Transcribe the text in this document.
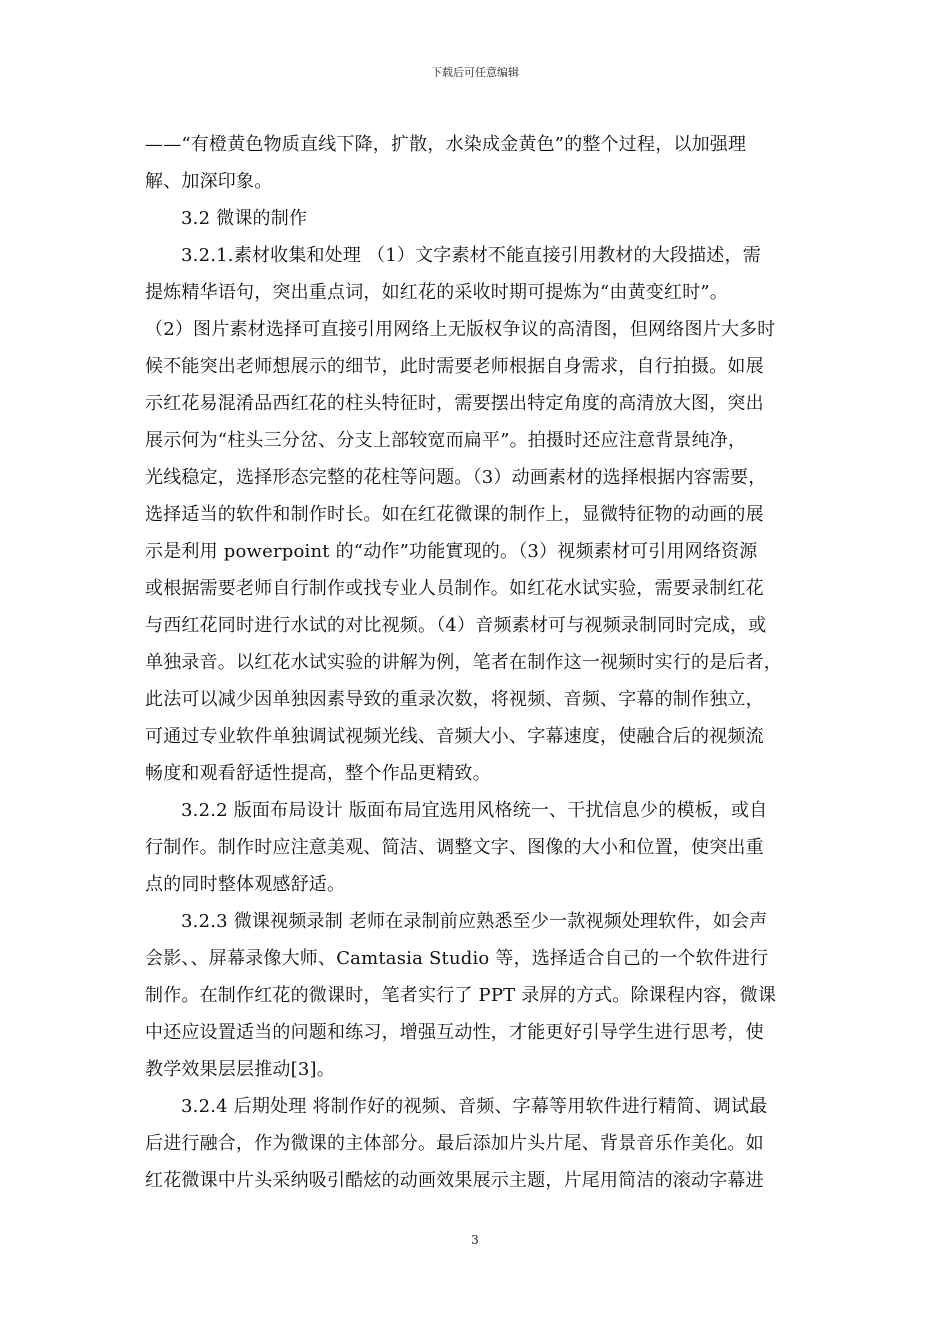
下载后可任意编辑
——“有橙黄色物质直线下降，扩散，水染成金黄色”的整个过程，以加强理
解、加深印象。
3.2 微课的制作
3.2.1.素材收集和处理 （1）文字素材不能直接引用教材的大段描述，需
提炼精华语句，突出重点词，如红花的采收时期可提炼为“由黄变红时”。
（2）图片素材选择可直接引用网络上无版权争议的高清图，但网络图片大多时
候不能突出老师想展示的细节，此时需要老师根据自身需求，自行拍摄。如展
示红花易混淆品西红花的柱头特征时，需要摆出特定角度的高清放大图，突出
展示何为“柱头三分岔、分支上部较宽而扁平”。拍摄时还应注意背景纯净，
光线稳定，选择形态完整的花柱等问题。（3）动画素材的选择根据内容需要，
选择适当的软件和制作时长。如在红花微课的制作上，显微特征物的动画的展
示是利用 powerpoint 的“动作”功能實现的。（3）视频素材可引用网络资源
或根据需要老师自行制作或找专业人员制作。如红花水试实验，需要录制红花
与西红花同时进行水试的对比视频。（4）音频素材可与视频录制同时完成，或
单独录音。以红花水试实验的讲解为例，笔者在制作这一视频时实行的是后者，
此法可以减少因单独因素导致的重录次数，将视频、音频、字幕的制作独立，
可通过专业软件单独调试视频光线、音频大小、字幕速度，使融合后的视频流
畅度和观看舒适性提高，整个作品更精致。
3.2.2 版面布局设计 版面布局宜选用风格统一、干扰信息少的模板，或自
行制作。制作时应注意美观、简洁、调整文字、图像的大小和位置，使突出重
点的同时整体观感舒适。
3.2.3 微课视频录制 老师在录制前应熟悉至少一款视频处理软件，如会声
会影、、屏幕录像大师、Camtasia Studio 等，选择适合自己的一个软件进行
制作。在制作红花的微课时，笔者实行了 PPT 录屏的方式。除课程内容，微课
中还应设置适当的问题和练习，增强互动性，才能更好引导学生进行思考，使
教学效果层层推动[3]。
3.2.4 后期处理 将制作好的视频、音频、字幕等用软件进行精简、调试最
后进行融合，作为微课的主体部分。最后添加片头片尾、背景音乐作美化。如
红花微课中片头采纳吸引酷炫的动画效果展示主题，片尾用简洁的滚动字幕进
3
